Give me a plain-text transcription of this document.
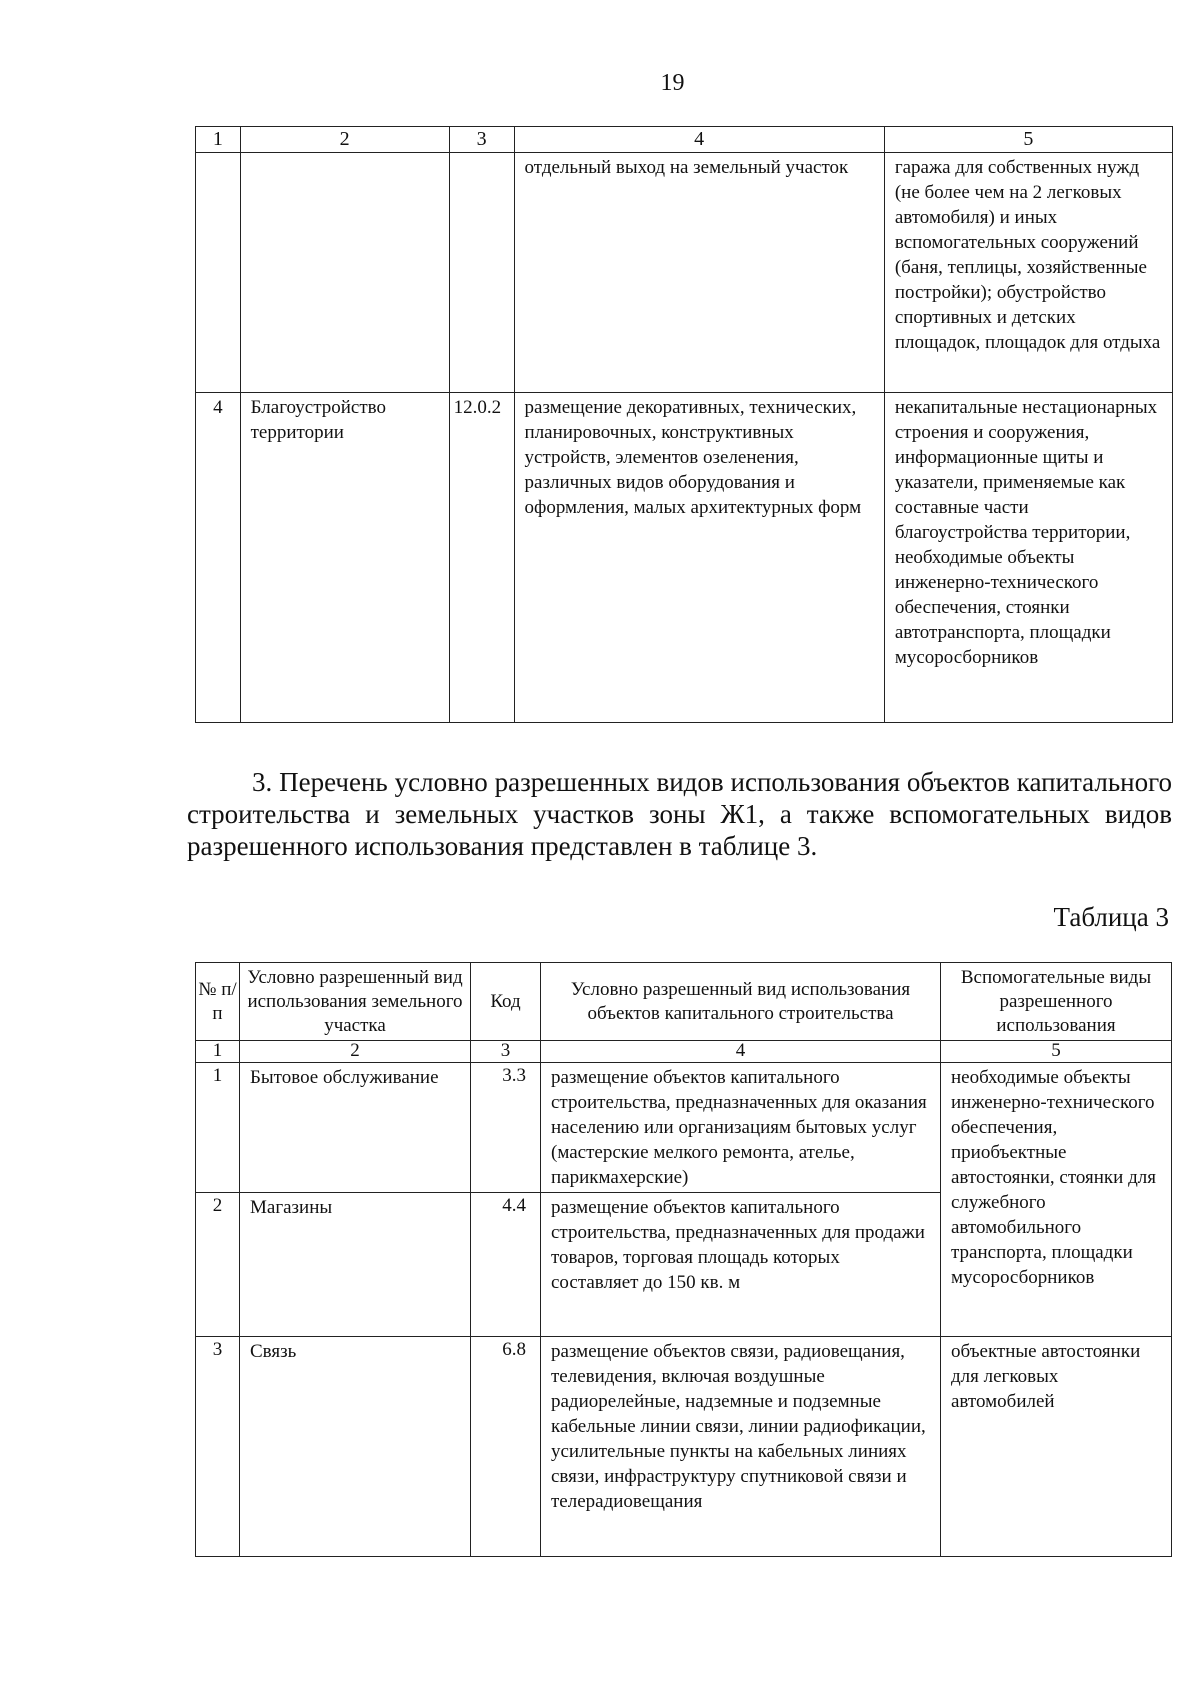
19
1	2	3	4	5
			отдельный выход на земельный участок	гаража для собственных нужд (не более чем на 2 легковых автомобиля) и иных вспомогательных сооружений (баня, теплицы, хозяйственные постройки); обустройство спортивных и детских площадок, площадок для отдыха
4	Благоустройство территории	12.0.2	размещение декоративных, технических, планировочных, конструктивных устройств, элементов озеленения, различных видов оборудования и оформления, малых архитектурных форм	некапитальные нестационарных строения и сооружения, информационные щиты и указатели, применяемые как составные части благоустройства территории, необходимые объекты инженерно-технического обеспечения, стоянки автотранспорта, площадки мусоросборников
3. Перечень условно разрешенных видов использования объектов капитального строительства и земельных участков зоны Ж1, а также вспомогательных видов разрешенного использования представлен в таблице 3.
Таблица 3
№ п/п	Условно разрешенный вид использования земельного участка	Код	Условно разрешенный вид использования объектов капитального строительства	Вспомогательные виды разрешенного использования
1	2	3	4	5
1	Бытовое обслуживание	3.3	размещение объектов капитального строительства, предназначенных для оказания населению или организациям бытовых услуг (мастерские мелкого ремонта, ателье, парикмахерские)	необходимые объекты инженерно-технического обеспечения, приобъектные автостоянки, стоянки для служебного автомобильного транспорта, площадки мусоросборников
2	Магазины	4.4	размещение объектов капитального строительства, предназначенных для продажи товаров, торговая площадь которых составляет до 150 кв. м	
3	Связь	6.8	размещение объектов связи, радиовещания, телевидения, включая воздушные радиорелейные, надземные и подземные кабельные линии связи, линии радиофикации, усилительные пункты на кабельных линиях связи, инфраструктуру спутниковой связи и телерадиовещания	объектные автостоянки для легковых автомобилей
